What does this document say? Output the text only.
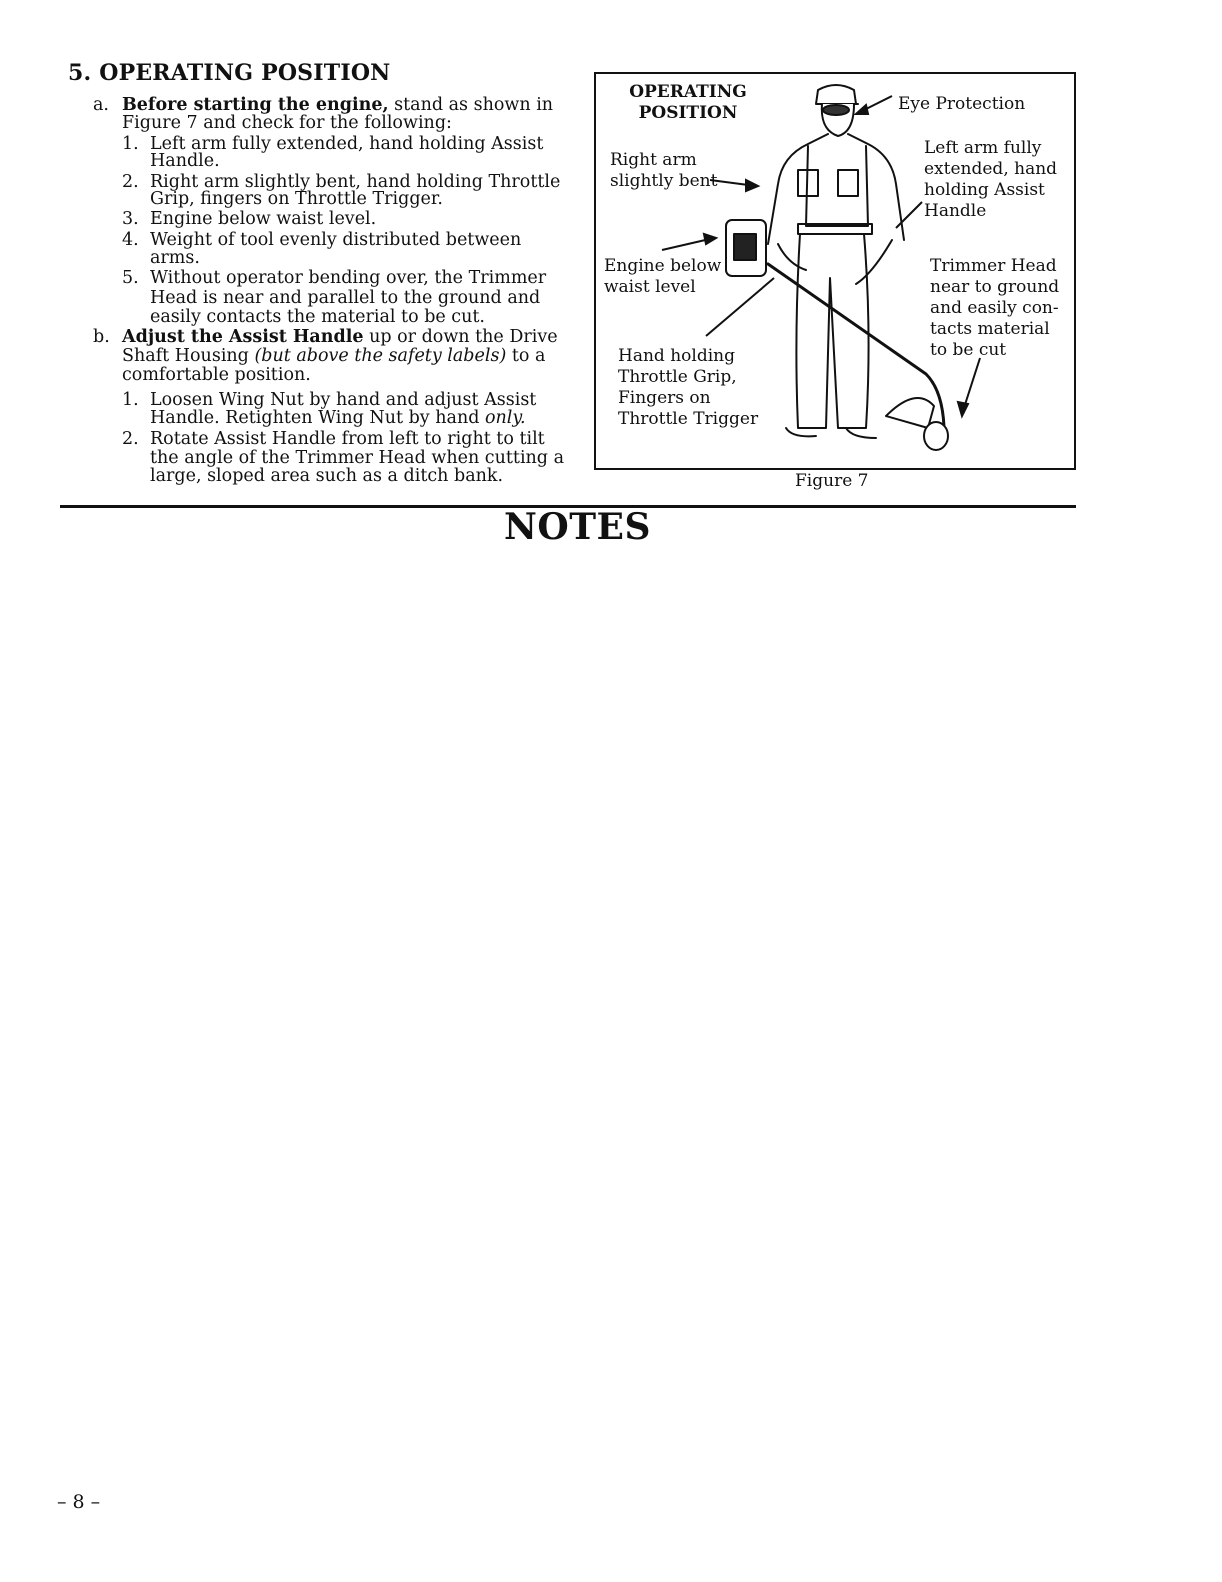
5. OPERATING POSITION
a. Before starting the engine, stand as shown in
Figure 7 and check for the following:
1. Left arm fully extended, hand holding Assist
Handle.
2. Right arm slightly bent, hand holding Throttle
Grip, fingers on Throttle Trigger.
3. Engine below waist level.
4. Weight of tool evenly distributed between
arms.
5. Without operator bending over, the Trimmer
Head is near and parallel to the ground and
easily contacts the material to be cut.
b. Adjust the Assist Handle up or down the Drive
Shaft Housing (but above the safety labels) to a
comfortable position.
1. Loosen Wing Nut by hand and adjust Assist
Handle. Retighten Wing Nut by hand only.
2. Rotate Assist Handle from left to right to tilt
the angle of the Trimmer Head when cutting a
large, sloped area such as a ditch bank.
OPERATING
POSITION	Eye Protection
Right arm
slightly bent
Left arm fully
extended, hand
holding Assist
Handle
Engine below
waist level
Trimmer Head
near to ground
and easily con-
tacts material
to be cut
Hand holding
Throttle Grip,
Fingers on
Throttle Trigger
Figure 7
NOTES
– 8 –
